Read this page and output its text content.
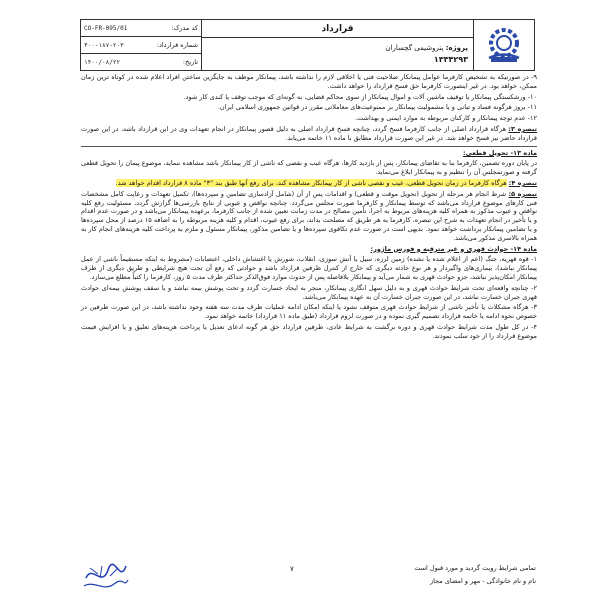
کد مدرک:
CO-FR-095/01
شماره قرارداد:
۴۰۰-۱۸۷-۲۰۳
تاریخ:
۱۴۰۰/۰۸/۲۲
قرارداد
پروژه: پتروشیمی گچساران
۱۳۳۴۲۹۳

۹- در صورتیکه به تشخیص کارفرما عوامل پیمانکار صلاحیت فنی یا اخلاقی لازم را نداشته باشد، پیمانکار موظف به جایگزین ساختن افراد اعلام شده در کوتاه ترین زمان ممکن، خواهد بود. در غیر اینصورت کارفرما حق فسخ قرارداد را خواهد داشت.

۱۰- ورشکستگی پیمانکار یا توقیف ماشین آلات و اموال پیمانکار از سوی محاکم قضایی، به گونه‌ای که موجب توقف یا کندی کار شود.

۱۱- بروز هرگونه فساد و تبانی و یا مشمولیت پیمانکار بر ممنوعیت‌های معاملاتی مقرر در قوانین جمهوری اسلامی ایران.

۱۲- عدم توجه پیمانکار و کارکنان مربوطه به موارد ایمنی و بهداشت.

تبصره ۳: هرگاه قرارداد اصلی از جانب کارفرما فسخ گردد، چنانچه فسخ قرارداد اصلی به دلیل قصور پیمانکار در انجام تعهدات وی در این قرارداد باشد، در این صورت قرارداد حاضر نیز فسخ خواهد شد. در غیر این صورت قرارداد مطابق با ماده ۱۱ خاتمه می‌یابد.

ماده ۱۳- تحویل قطعی:

در پایان دوره تضمین، کارفرما بنا به تقاضای پیمانکار، پس از بازدید کارها، هرگاه عیب و نقصی که ناشی از کار پیمانکار باشد مشاهده ننماید، موضوع پیمان را تحویل قطعی گرفته و صورتمجلس آن را تنظیم و به پیمانکار ابلاغ می‌نماید.

تبصره ۴: هرگاه کارفرما در زمان تحویل قطعی، عیب و نقصی ناشی از کار پیمانکار مشاهده کند، برای رفع آنها طبق بند "۳" ماده ۸ قرارداد اقدام خواهد شد.

تبصره ۵: شرط انجام هر مرحله از تحویل (تحویل موقت و قطعی) و اقدامات پس از آن (شامل آزادسازی تضامین و سپرده‌ها)، تکمیل تعهدات و رعایت کامل مشخصات فنی کارهای موضوع قرارداد می‌باشد که توسط پیمانکار و کارفرما صورت مجلس می‌گردد. چنانچه نواقص و عیوبی از نتایج بازرسی‌ها گزارش گردد، مسئولیت رفع کلیه نواقص و عیوب مذکور به همراه کلیه هزینه‌های مربوط به اجرا، تأمین مصالح در مدت زمانت تعیین شده از جانب کارفرما، برعهده پیمانکار می‌باشد و در صورت عدم اقدام و یا تأخیر در انجام تعهدات به شرح این تبصره، کارفرما به هر طریق که مصلحت بداند، برای رفع عیوب، اقدام و کلیه هزینه مربوطه را به اضافه ۱۵ درصد از محل سپرده‌ها و یا تضامین پیمانکار برداشت خواهد نمود. بدیهی است در صورت عدم تکافوی سپرده‌ها و یا تضامین مذکور، پیمانکار مسئول و ملزم به پرداخت کلیه هزینه‌های انجام کار به همراه بالاسری مذکور می‌باشد.

ماده ۱۴- حوادث قهری و غیر مترقبه و فورس ماژور:

۱- قوه قهریه، جنگ (اعم از اعلام شده یا نشده) زمین لرزه، سیل یا آتش سوزی، انقلاب، شورش یا اغتشاش داخلی، اعتصابات (مشروط به اینکه مستقیماً ناشی از عمل پیمانکار نباشد)، بیماری‌های واگیردار و هر نوع حادثه دیگری که خارج از کنترل طرفین قرارداد باشد و حوادثی که رفع آن تحت هیچ شرایطی و طریق دیگری از طرف پیمانکار امکان‌پذیر نباشد، جزو حوادث قهری به شمار می‌آید و پیمانکار بلافاصله پس از حدوث موارد فوق‌الذکر حداکثر ظرف مدت ۵ روز، کارفرما را کتباً مطلع می‌سازد.

۲- چنانچه واقعه‌ای تحت شرایط حوادث قهری و به دلیل سهل انگاری پیمانکار، منجر به ایجاد خسارت گردد و تحت پوشش بیمه نباشد و یا سقف پوشش بیمه‌ای حوادث قهری جبران خسارت نباشد، در این صورت جبران خسارت آن به عهده پیمانکار می‌باشد.

۳- هرگاه مشکلات یا تأخیر ناشی از شرایط حوادث قهری متوقف نشود یا اینکه امکان ادامه عملیات ظرف مدت سه هفته وجود نداشته باشد، در این صورت طرفین در خصوص نحوه ادامه یا خاتمه قرارداد تصمیم گیری نموده و در صورت لزوم قرارداد (طبق ماده ۱۱ قرارداد) خاتمه خواهد نمود.

۴- در کل طول مدت شرایط حوادث قهری و دوره برگشت به شرایط عادی، طرفین قرارداد حق هر گونه ادعای تعدیل یا پرداخت هزینه‌های تعلیق و یا افزایش قیمت موضوع قرارداد را از خود سلب نمودند.

تمامی شرایط رویت گردید و مورد قبول است
نام و نام خانوادگی - مهر و امضای مجاز
۷
